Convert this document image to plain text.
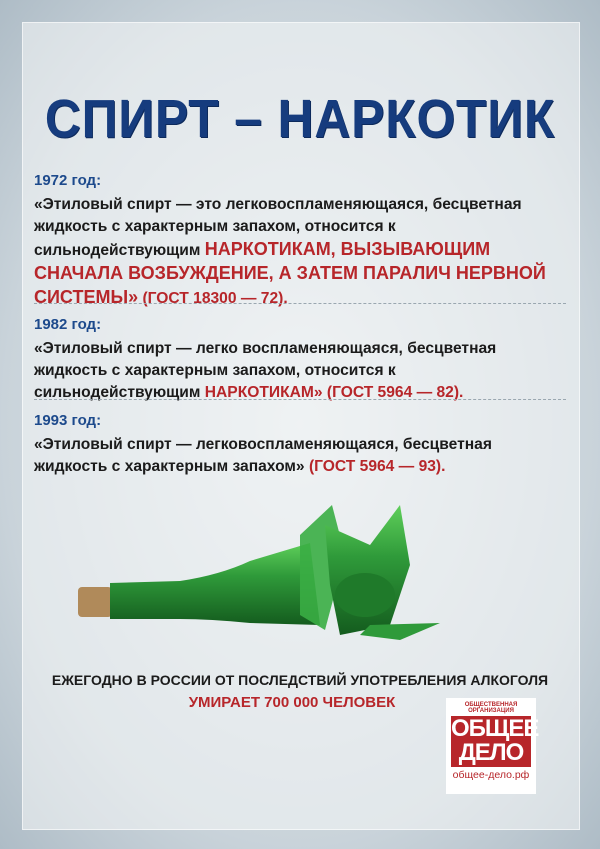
СПИРТ – НАРКОТИК
1972 год:
«Этиловый спирт — это легковоспламеняющаяся, бесцветная жидкость с характерным запахом, относится к сильнодействующим НАРКОТИКАМ, ВЫЗЫВАЮЩИМ СНАЧАЛА ВОЗБУЖДЕНИЕ, А ЗАТЕМ ПАРАЛИЧ НЕРВНОЙ СИСТЕМЫ» (ГОСТ 18300 — 72).
1982 год:
«Этиловый спирт — легко воспламеняющаяся, бесцветная жидкость с характерным запахом, относится к сильнодействующим НАРКОТИКАМ» (ГОСТ 5964 — 82).
1993 год:
«Этиловый спирт — легковоспламеняющаяся, бесцветная жидкость с характерным запахом» (ГОСТ 5964 — 93).
ЕЖЕГОДНО В РОССИИ ОТ ПОСЛЕДСТВИЙ УПОТРЕБЛЕНИЯ АЛКОГОЛЯ
УМИРАЕТ 700 000 ЧЕЛОВЕК	ОБЩЕСТВЕННАЯ ОРГАНИЗАЦИЯ
ОБЩЕЕ
ДЕЛО
общее-дело.рф
